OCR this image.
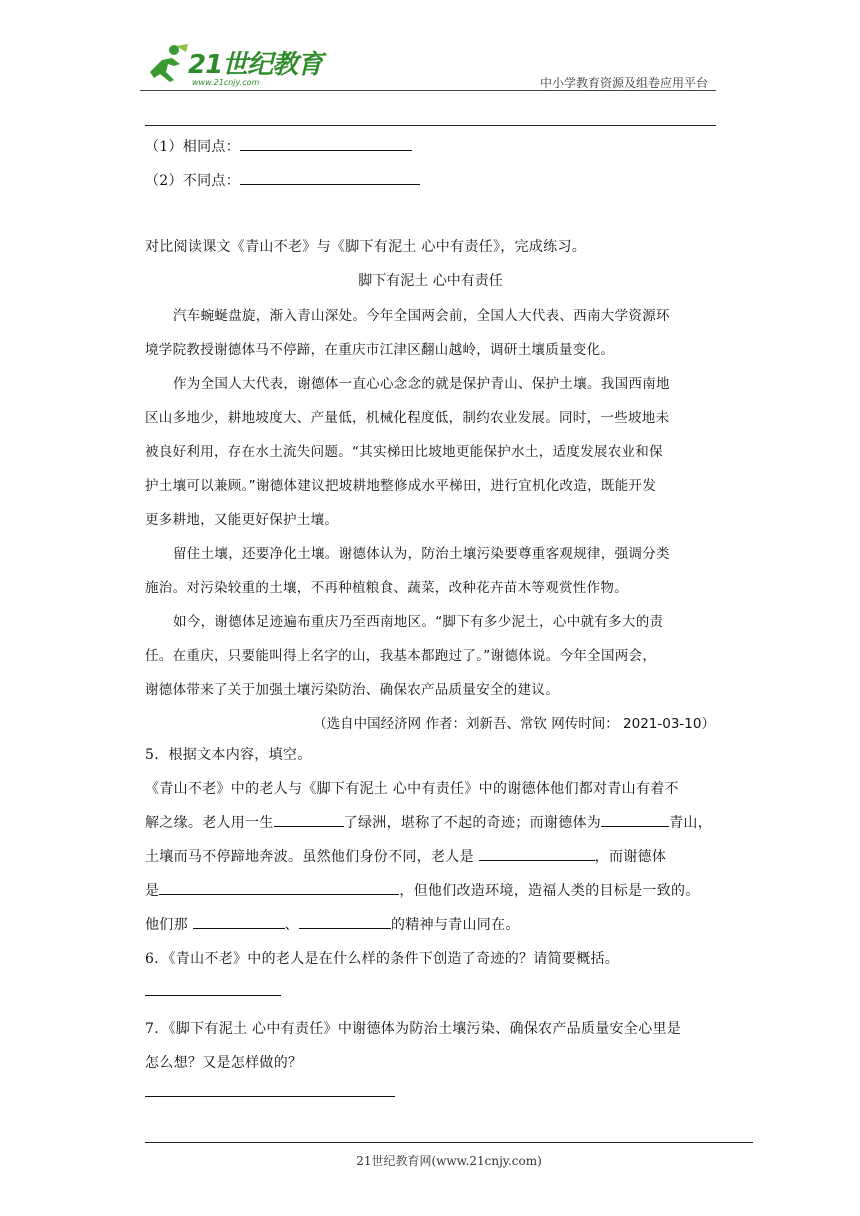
21世纪教育
www.21cnjy.com	中小学教育资源及组卷应用平台
（1）相同点：
（2）不同点：
对比阅读课文《青山不老》与《脚下有泥土 心中有责任》，完成练习。
脚下有泥土 心中有责任
汽车蜿蜒盘旋，渐入青山深处。今年全国两会前，全国人大代表、西南大学资源环
境学院教授谢德体马不停蹄，在重庆市江津区翻山越岭，调研土壤质量变化。
作为全国人大代表，谢德体一直心心念念的就是保护青山、保护土壤。我国西南地
区山多地少，耕地坡度大、产量低，机械化程度低，制约农业发展。同时，一些坡地未
被良好利用，存在水土流失问题。“其实梯田比坡地更能保护水土，适度发展农业和保
护土壤可以兼顾。”谢德体建议把坡耕地整修成水平梯田，进行宜机化改造，既能开发
更多耕地，又能更好保护土壤。
留住土壤，还要净化土壤。谢德体认为，防治土壤污染要尊重客观规律，强调分类
施治。对污染较重的土壤，不再种植粮食、蔬菜，改种花卉苗木等观赏性作物。
如今，谢德体足迹遍布重庆乃至西南地区。“脚下有多少泥土，心中就有多大的责
任。在重庆，只要能叫得上名字的山，我基本都跑过了。”谢德体说。今年全国两会，
谢德体带来了关于加强土壤污染防治、确保农产品质量安全的建议。
（选自中国经济网 作者：刘新吾、常钦 网传时间： 2021-03-10）
5．根据文本内容，填空。
《青山不老》中的老人与《脚下有泥土 心中有责任》中的谢德体他们都对青山有着不
解之缘。老人用一生	了绿洲，堪称了不起的奇迹；而谢德体为	青山，
土壤而马不停蹄地奔波。虽然他们身份不同，老人是	，而谢德体
是	，但他们改造环境，造福人类的目标是一致的。
他们那	、	的精神与青山同在。
6．《青山不老》中的老人是在什么样的条件下创造了奇迹的？请简要概括。
7．《脚下有泥土 心中有责任》中谢德体为防治土壤污染、确保农产品质量安全心里是
怎么想？又是怎样做的？
21世纪教育网(www.21cnjy.com)
